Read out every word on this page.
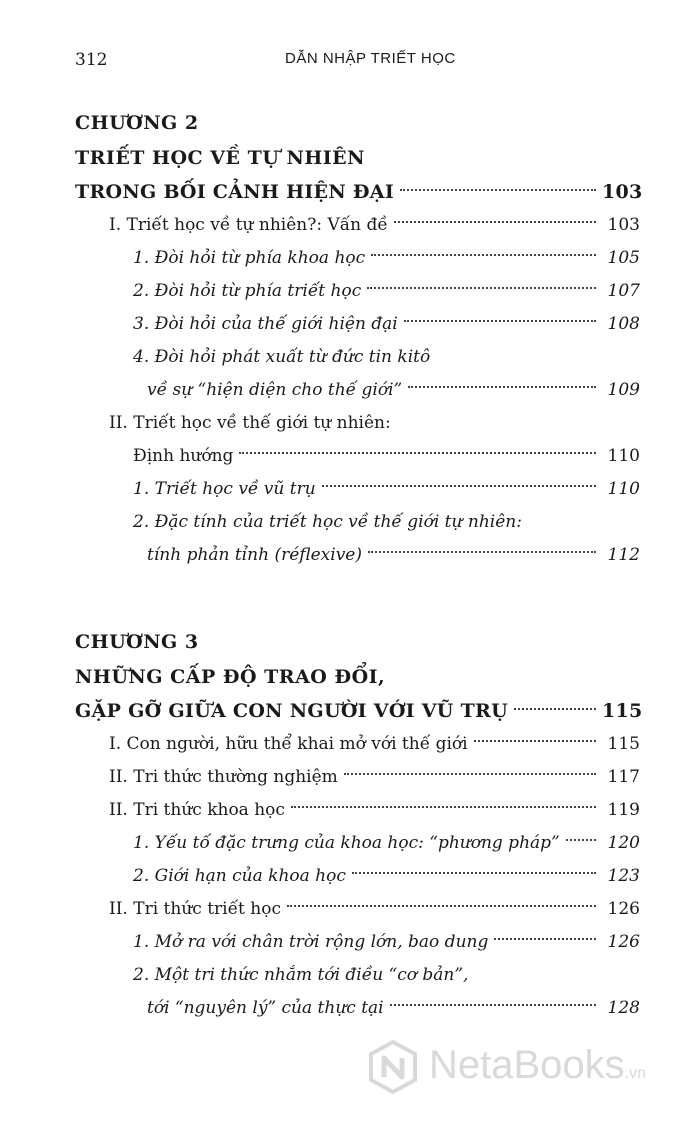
312	DẪN NHẬP TRIẾT HỌC
CHƯƠNG 2
TRIẾT HỌC VỀ TỰ NHIÊN
TRONG BỐI CẢNH HIỆN ĐẠI	103
I. Triết học về tự nhiên?: Vấn đề	103
1. Đòi hỏi từ phía khoa học	105
2. Đòi hỏi từ phía triết học	107
3. Đòi hỏi của thế giới hiện đại	108
4. Đòi hỏi phát xuất từ đức tin kitô
về sự “hiện diện cho thế giới”	109
II. Triết học về thế giới tự nhiên:
Định hướng	110
1. Triết học về vũ trụ	110
2. Đặc tính của triết học về thế giới tự nhiên:
tính phản tỉnh (réflexive)	112
CHƯƠNG 3
NHỮNG CẤP ĐỘ TRAO ĐỔI,
GẶP GỠ GIỮA CON NGƯỜI VỚI VŨ TRỤ	115
I. Con người, hữu thể khai mở với thế giới	115
II. Tri thức thường nghiệm	117
II. Tri thức khoa học	119
1. Yếu tố đặc trưng của khoa học: “phương pháp”	120
2. Giới hạn của khoa học	123
II. Tri thức triết học	126
1. Mở ra với chân trời rộng lớn, bao dung	126
2. Một tri thức nhắm tới điều “cơ bản”,
tới “nguyên lý” của thực tại	128
NetaBooks.vn
